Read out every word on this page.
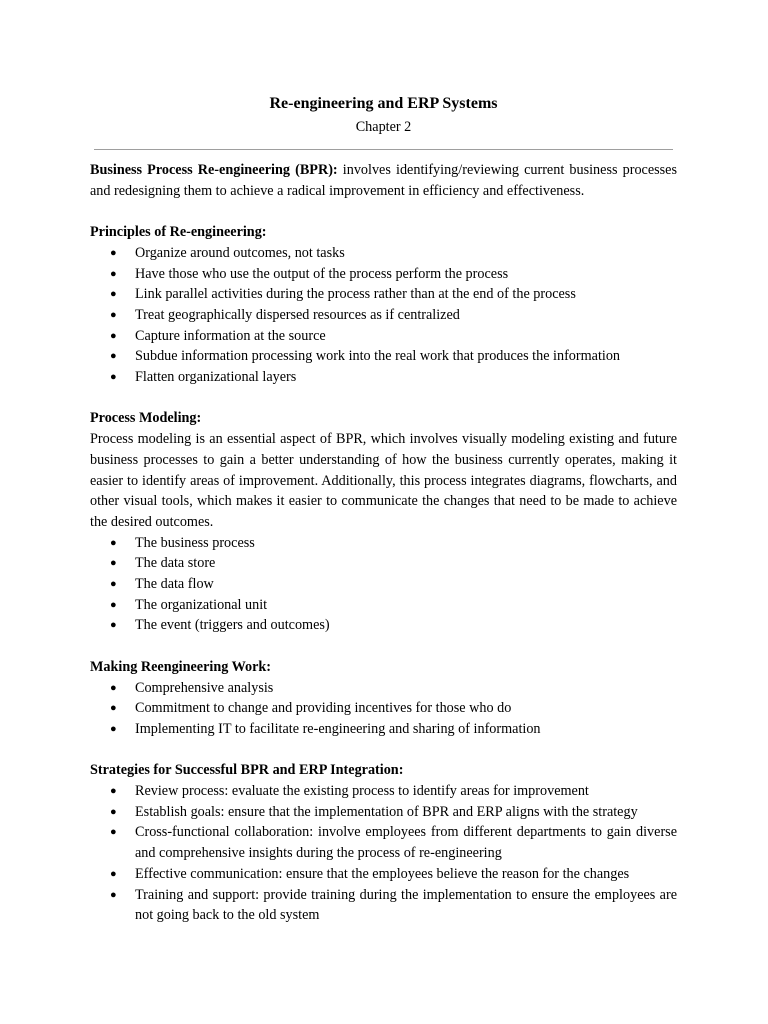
Re-engineering and ERP Systems
Chapter 2

Business Process Re-engineering (BPR): involves identifying/reviewing current business processes and redesigning them to achieve a radical improvement in efficiency and effectiveness.

Principles of Re-engineering:
● Organize around outcomes, not tasks
● Have those who use the output of the process perform the process
● Link parallel activities during the process rather than at the end of the process
● Treat geographically dispersed resources as if centralized
● Capture information at the source
● Subdue information processing work into the real work that produces the information
● Flatten organizational layers
Process Modeling:

Process modeling is an essential aspect of BPR, which involves visually modeling existing and future business processes to gain a better understanding of how the business currently operates, making it easier to identify areas of improvement. Additionally, this process integrates diagrams, flowcharts, and other visual tools, which makes it easier to communicate the changes that need to be made to achieve the desired outcomes.

● The business process
● The data store
● The data flow
● The organizational unit
● The event (triggers and outcomes)
Making Reengineering Work:
● Comprehensive analysis
● Commitment to change and providing incentives for those who do
● Implementing IT to facilitate re-engineering and sharing of information
Strategies for Successful BPR and ERP Integration:
● Review process: evaluate the existing process to identify areas for improvement
● Establish goals: ensure that the implementation of BPR and ERP aligns with the strategy
● Cross-functional collaboration: involve employees from different departments to gain diverse and comprehensive insights during the process of re-engineering
● Effective communication: ensure that the employees believe the reason for the changes
● Training and support: provide training during the implementation to ensure the employees are not going back to the old system
